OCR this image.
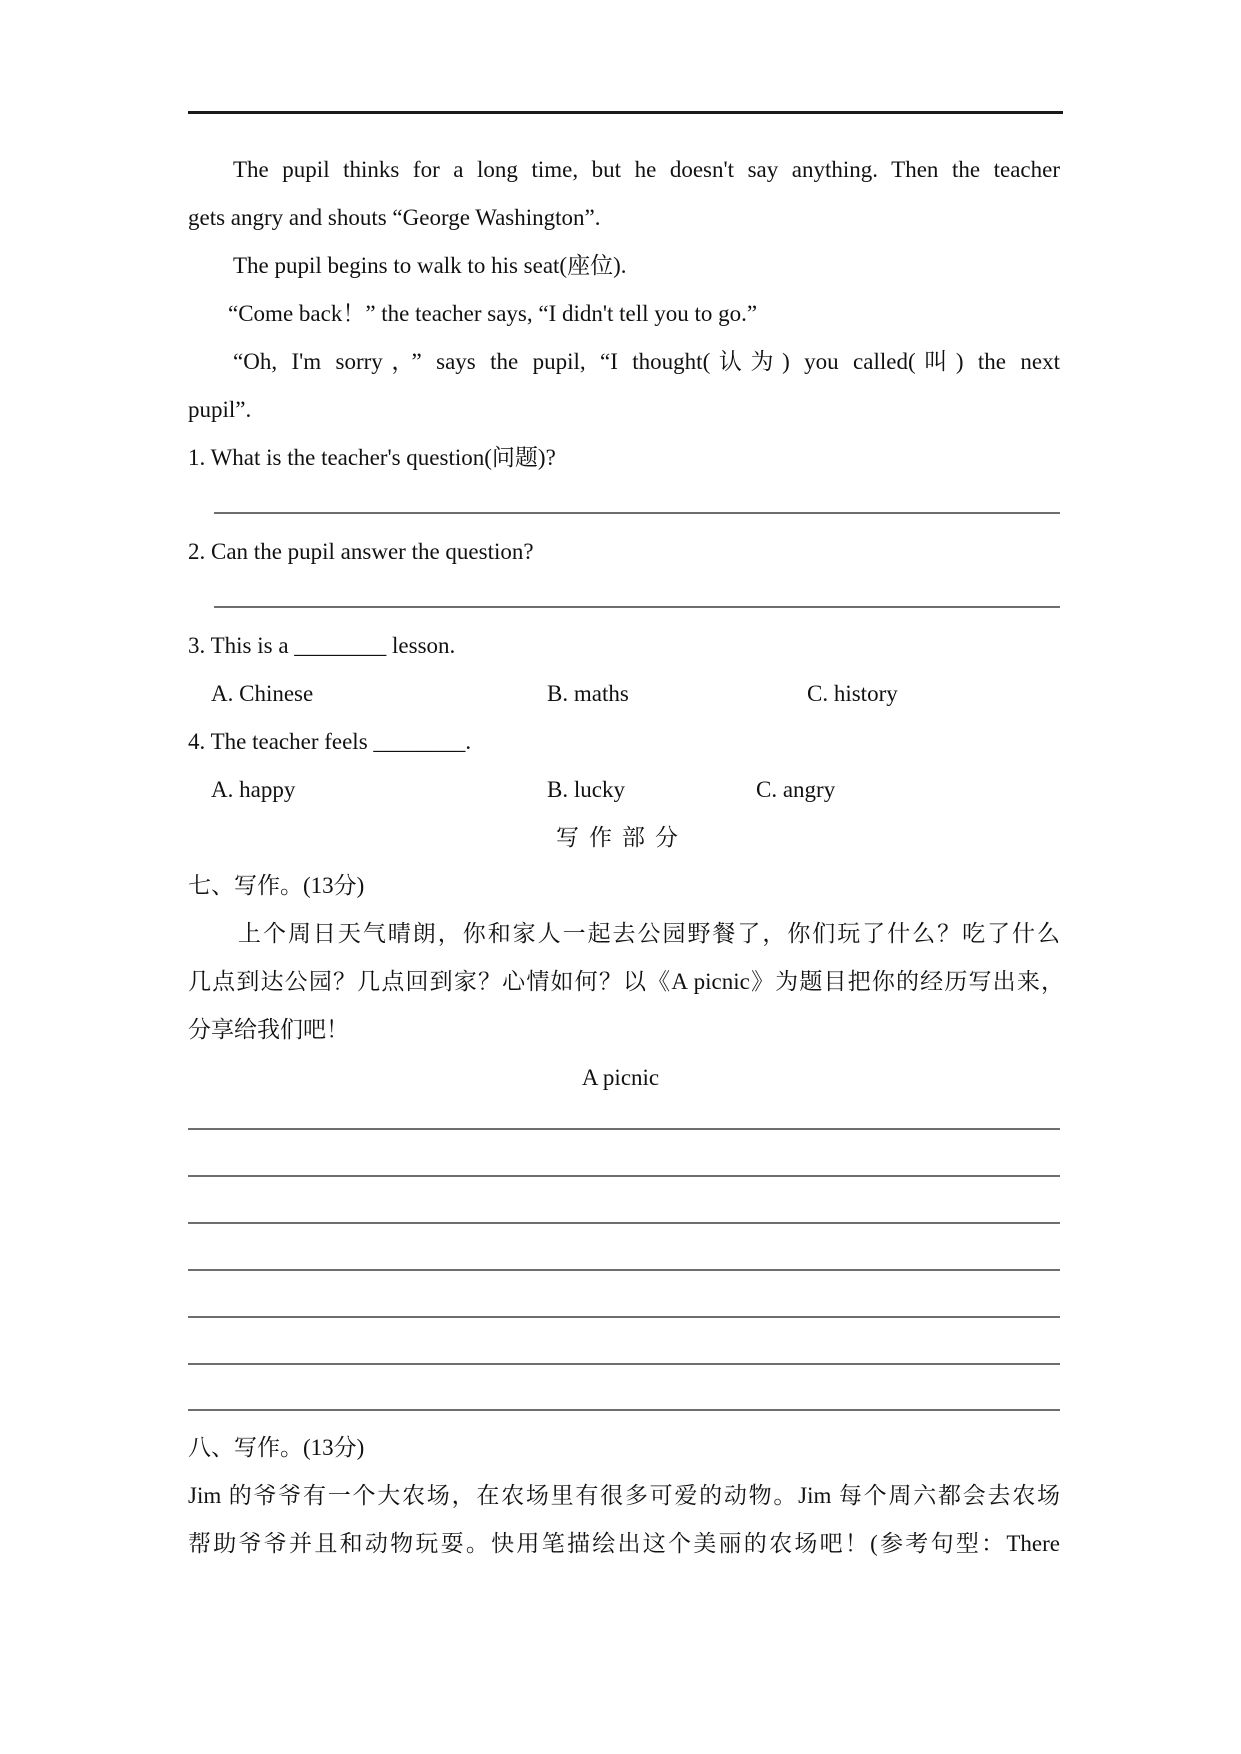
The pupil thinks for a long time, but he doesn't say anything. Then the teacher
gets angry and shouts “George Washington”.
The pupil begins to walk to his seat(座位).
“Come back！” the teacher says, “I didn't tell you to go.”
“Oh, I'm sorry，” says the pupil, “I thought(认为) you called(叫) the next
pupil”.
1. What is the teacher's question(问题)?
2. Can the pupil answer the question?
3. This is a ________ lesson.
A. Chinese	B. maths	C. history
4. The teacher feels ________.
A. happy	B. lucky	C. angry
写作部分
七、写作。(13分)
上个周日天气晴朗，你和家人一起去公园野餐了，你们玩了什么？吃了什么
几点到达公园？几点回到家？心情如何？以《A picnic》为题目把你的经历写出来，
分享给我们吧！
A picnic
八、写作。(13分)
Jim 的爷爷有一个大农场，在农场里有很多可爱的动物。Jim 每个周六都会去农场
帮助爷爷并且和动物玩耍。快用笔描绘出这个美丽的农场吧！(参考句型：There
